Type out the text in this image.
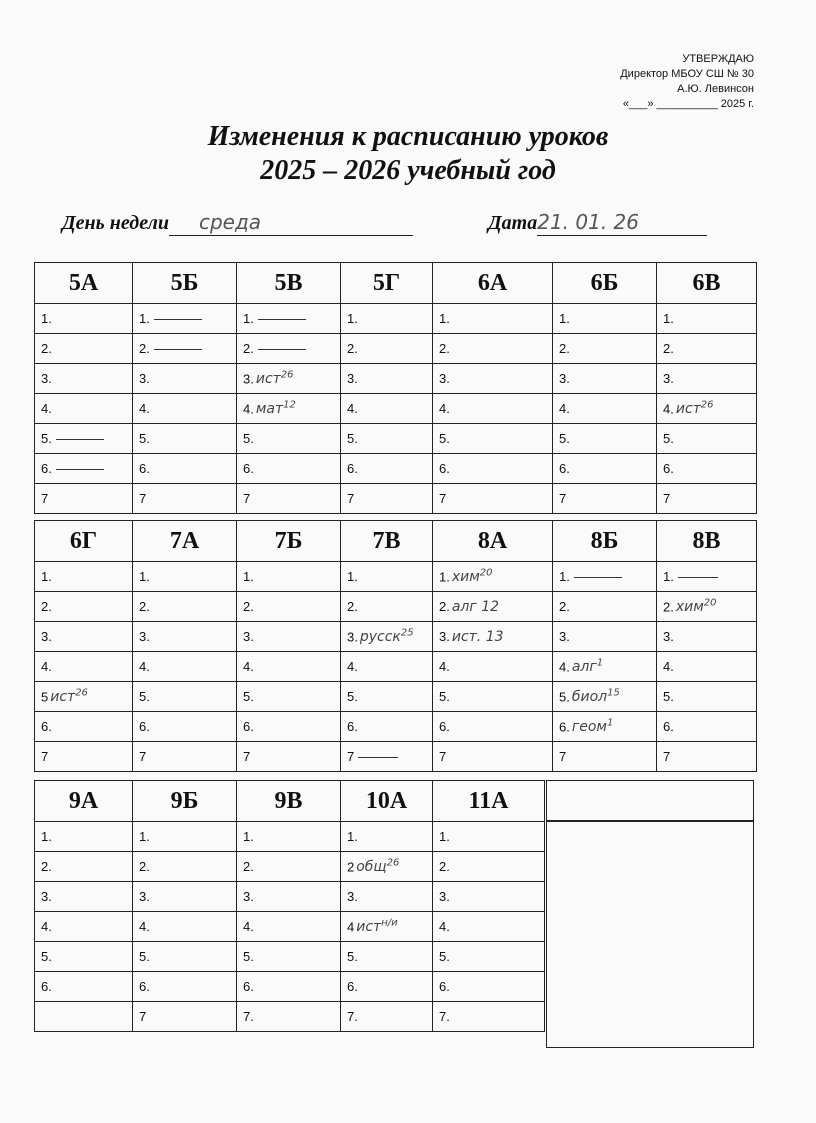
УТВЕРЖДАЮ
Директор МБОУ СШ № 30
А.Ю. Левинсон
«___» __________ 2025 г.
Изменения к расписанию уроков
2025 – 2026 учебный год
День недели среда	Дата21. 01. 26
5А	5Б	5В	5Г	6А	6Б	6В
1.	1.	1.	1.	1.	1.	1.
2.	2.	2.	2.	2.	2.	2.
3.	3.	3. ист$^{26}$	3.	3.	3.	3.
4.	4.	4. мат$^{12}$	4.	4.	4.	4. ист$^{26}$
5.	5.	5.	5.	5.	5.	5.
6.	6.	6.	6.	6.	6.	6.
7	7	7	7	7	7	7
6Г	7А	7Б	7В	8А	8Б	8В
1.	1.	1.	1.	1. хим$^{20}$	1.	1.
2.	2.	2.	2.	2. алг 12	2.	2. хим$^{20}$
3.	3.	3.	3. русск$^{25}$	3. ист. 13	3.	3.
4.	4.	4.	4.	4.	4. алг$^1$	4.
5 ист$^{26}$	5.	5.	5.	5.	5. биол$^{15}$	5.
6.	6.	6.	6.	6.	6. геом$^1$	6.
7	7	7	7	7	7	7
9А	9Б	9В	10А	11А
1.	1.	1.	1.	1.
2.	2.	2.	2 общ$^{26}$	2.
3.	3.	3.	3.	3.
4.	4.	4.	4 ист$^{н/и}$	4.
5.	5.	5.	5.	5.
6.	6.	6.	6.	6.
	7	7.	7.	7.
